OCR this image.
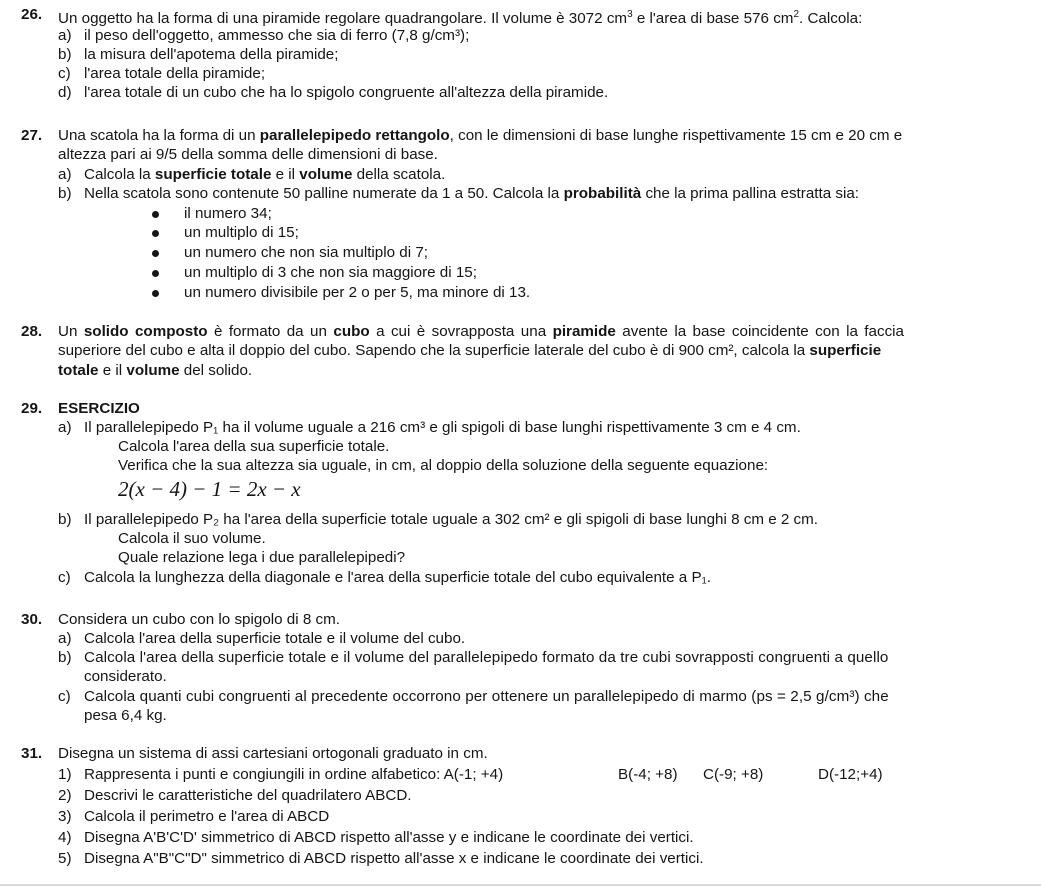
26. Un oggetto ha la forma di una piramide regolare quadrangolare. Il volume è 3072 $cm^3$ e l'area di base 576 $cm^2$. Calcola:
a) il peso dell'oggetto, ammesso che sia di ferro (7,8 g/cm³);
b) la misura dell'apotema della piramide;
c) l'area totale della piramide;
d) l'area totale di un cubo che ha lo spigolo congruente all'altezza della piramide.
27. Una scatola ha la forma di un parallelepipedo rettangolo, con le dimensioni di base lunghe rispettivamente 15 cm e 20 cm e
altezza pari ai 9/5 della somma delle dimensioni di base.
a) Calcola la superficie totale e il volume della scatola.
b) Nella scatola sono contenute 50 palline numerate da 1 a 50. Calcola la probabilità che la prima pallina estratta sia:
il numero 34;
un multiplo di 15;
un numero che non sia multiplo di 7;
un multiplo di 3 che non sia maggiore di 15;
un numero divisibile per 2 o per 5, ma minore di 13.
28. Un solido composto è formato da un cubo a cui è sovrapposta una piramide avente la base coincidente con la faccia
superiore del cubo e alta il doppio del cubo. Sapendo che la superficie laterale del cubo è di 900 cm², calcola la superficie
totale e il volume del solido.
29. ESERCIZIO
a) Il parallelepipedo P₁ ha il volume uguale a 216 cm³ e gli spigoli di base lunghi rispettivamente 3 cm e 4 cm.
Calcola l'area della sua superficie totale.
Verifica che la sua altezza sia uguale, in cm, al doppio della soluzione della seguente equazione:
2(x − 4) − 1 = 2x − x
b) Il parallelepipedo P₂ ha l'area della superficie totale uguale a 302 cm² e gli spigoli di base lunghi 8 cm e 2 cm.
Calcola il suo volume.
Quale relazione lega i due parallelepipedi?
c) Calcola la lunghezza della diagonale e l'area della superficie totale del cubo equivalente a P₁.
30. Considera un cubo con lo spigolo di 8 cm.
a) Calcola l'area della superficie totale e il volume del cubo.
b) Calcola l'area della superficie totale e il volume del parallelepipedo formato da tre cubi sovrapposti congruenti a quello
considerato.
c) Calcola quanti cubi congruenti al precedente occorrono per ottenere un parallelepipedo di marmo (ps = 2,5 g/cm³) che
pesa 6,4 kg.
31. Disegna un sistema di assi cartesiani ortogonali graduato in cm.
1) Rappresenta i punti e congiungili in ordine alfabetico: A(-1; +4)	B(-4; +8) C(-9; +8)	D(-12;+4)
2) Descrivi le caratteristiche del quadrilatero ABCD.
3) Calcola il perimetro e l'area di ABCD
4) Disegna A'B'C'D' simmetrico di ABCD rispetto all'asse y e indicane le coordinate dei vertici.
5) Disegna A"B"C"D" simmetrico di ABCD rispetto all'asse x e indicane le coordinate dei vertici.
